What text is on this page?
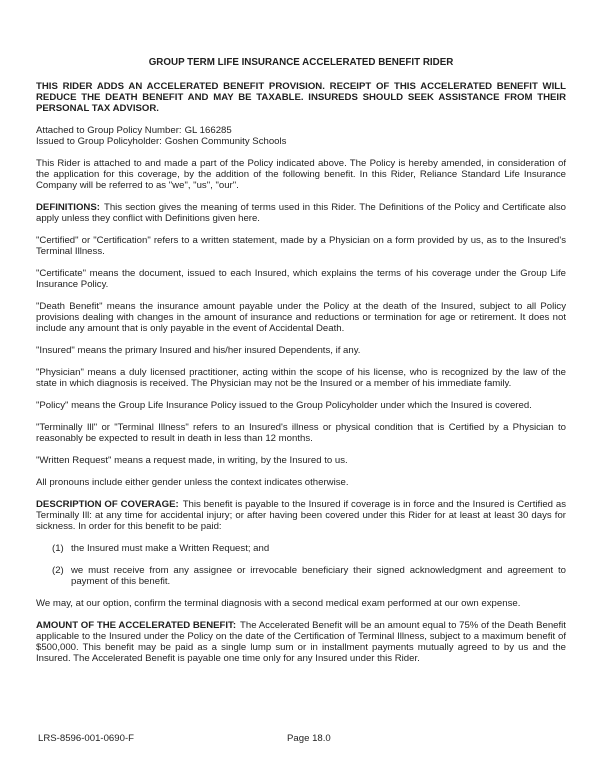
GROUP TERM LIFE INSURANCE ACCELERATED BENEFIT RIDER

THIS RIDER ADDS AN ACCELERATED BENEFIT PROVISION. RECEIPT OF THIS ACCELERATED BENEFIT WILL REDUCE THE DEATH BENEFIT AND MAY BE TAXABLE. INSUREDS SHOULD SEEK ASSISTANCE FROM THEIR PERSONAL TAX ADVISOR.

Attached to Group Policy Number: GL 166285
Issued to Group Policyholder: Goshen Community Schools

This Rider is attached to and made a part of the Policy indicated above. The Policy is hereby amended, in consideration of the application for this coverage, by the addition of the following benefit. In this Rider, Reliance Standard Life Insurance Company will be referred to as "we", "us", "our".

DEFINITIONS: This section gives the meaning of terms used in this Rider. The Definitions of the Policy and Certificate also apply unless they conflict with Definitions given here.

"Certified" or "Certification" refers to a written statement, made by a Physician on a form provided by us, as to the Insured's Terminal Illness.

"Certificate" means the document, issued to each Insured, which explains the terms of his coverage under the Group Life Insurance Policy.

"Death Benefit" means the insurance amount payable under the Policy at the death of the Insured, subject to all Policy provisions dealing with changes in the amount of insurance and reductions or termination for age or retirement. It does not include any amount that is only payable in the event of Accidental Death.

"Insured" means the primary Insured and his/her insured Dependents, if any.

"Physician" means a duly licensed practitioner, acting within the scope of his license, who is recognized by the law of the state in which diagnosis is received. The Physician may not be the Insured or a member of his immediate family.

"Policy" means the Group Life Insurance Policy issued to the Group Policyholder under which the Insured is covered.

"Terminally Ill" or "Terminal Illness" refers to an Insured's illness or physical condition that is Certified by a Physician to reasonably be expected to result in death in less than 12 months.

"Written Request" means a request made, in writing, by the Insured to us.

All pronouns include either gender unless the context indicates otherwise.

DESCRIPTION OF COVERAGE: This benefit is payable to the Insured if coverage is in force and the Insured is Certified as Terminally Ill: at any time for accidental injury; or after having been covered under this Rider for at least at least 30 days for sickness. In order for this benefit to be paid:

(1) the Insured must make a Written Request; and

(2) we must receive from any assignee or irrevocable beneficiary their signed acknowledgment and agreement to payment of this benefit.

We may, at our option, confirm the terminal diagnosis with a second medical exam performed at our own expense.

AMOUNT OF THE ACCELERATED BENEFIT: The Accelerated Benefit will be an amount equal to 75% of the Death Benefit applicable to the Insured under the Policy on the date of the Certification of Terminal Illness, subject to a maximum benefit of $500,000. This benefit may be paid as a single lump sum or in installment payments mutually agreed to by us and the Insured. The Accelerated Benefit is payable one time only for any Insured under this Rider.

LRS-8596-001-0690-F	Page 18.0
